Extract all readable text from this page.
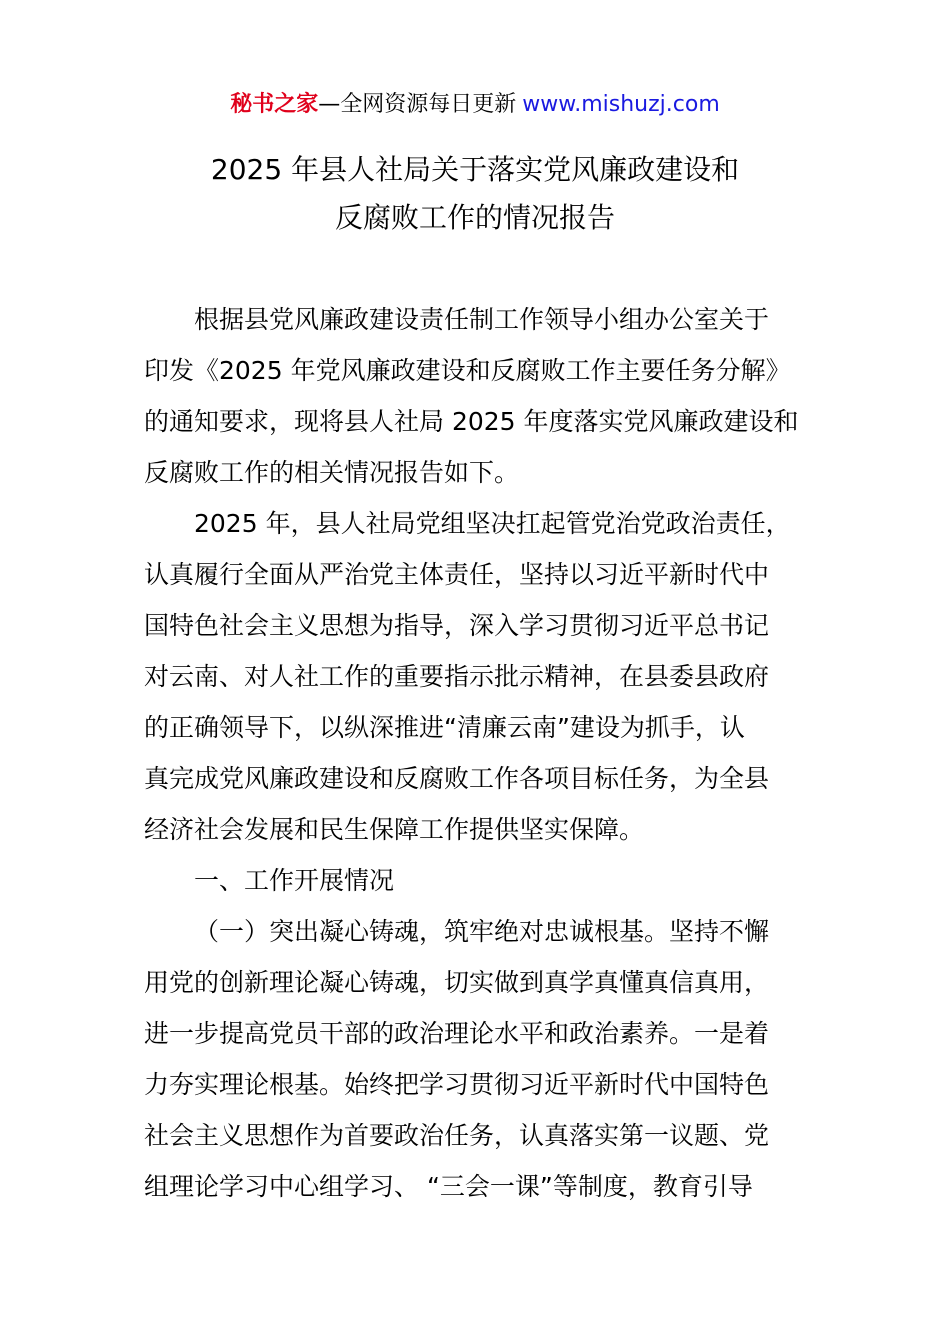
秘书之家—全网资源每日更新 www.mishuzj.com
2025 年县人社局关于落实党风廉政建设和
反腐败工作的情况报告
根据县党风廉政建设责任制工作领导小组办公室关于
印发《2025 年党风廉政建设和反腐败工作主要任务分解》
的通知要求，现将县人社局 2025 年度落实党风廉政建设和
反腐败工作的相关情况报告如下。
2025 年，县人社局党组坚决扛起管党治党政治责任，
认真履行全面从严治党主体责任，坚持以习近平新时代中
国特色社会主义思想为指导，深入学习贯彻习近平总书记
对云南、对人社工作的重要指示批示精神，在县委县政府
的正确领导下，以纵深推进“清廉云南”建设为抓手，认
真完成党风廉政建设和反腐败工作各项目标任务，为全县
经济社会发展和民生保障工作提供坚实保障。
一、工作开展情况
（一）突出凝心铸魂，筑牢绝对忠诚根基。坚持不懈
用党的创新理论凝心铸魂，切实做到真学真懂真信真用，
进一步提高党员干部的政治理论水平和政治素养。一是着
力夯实理论根基。始终把学习贯彻习近平新时代中国特色
社会主义思想作为首要政治任务，认真落实第一议题、党
组理论学习中心组学习、 “三会一课”等制度，教育引导
